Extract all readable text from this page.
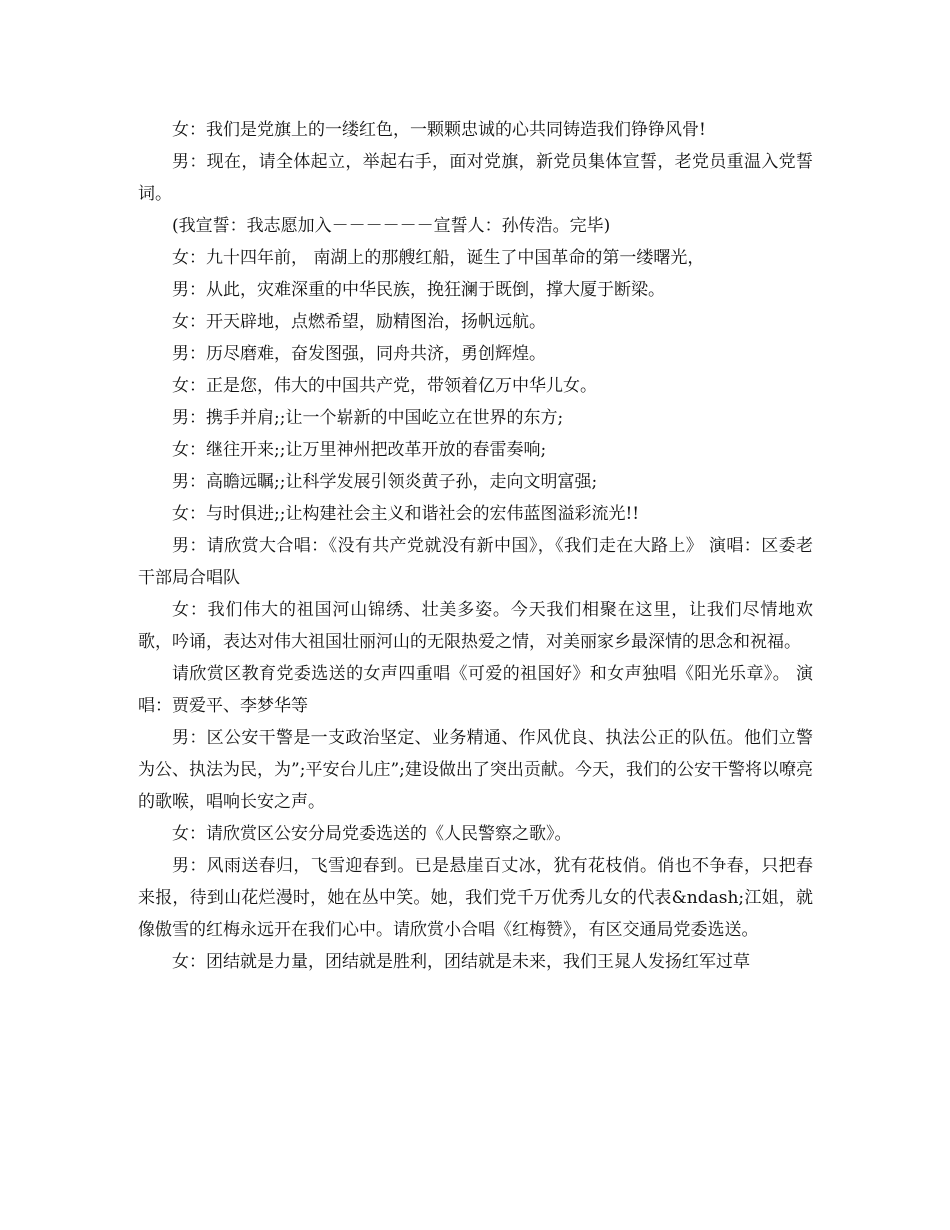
女：我们是党旗上的一缕红色，一颗颗忠诚的心共同铸造我们铮铮风骨!

男：现在，请全体起立，举起右手，面对党旗，新党员集体宣誓，老党员重温入党誓词。

(我宣誓：我志愿加入－－－－－－宣誓人：孙传浩。完毕)

女：九十四年前， 南湖上的那艘红船，诞生了中国革命的第一缕曙光，

男：从此，灾难深重的中华民族，挽狂澜于既倒，撑大厦于断梁。

女：开天辟地，点燃希望，励精图治，扬帆远航。

男：历尽磨难，奋发图强，同舟共济，勇创辉煌。

女：正是您，伟大的中国共产党，带领着亿万中华儿女。

男：携手并肩;;让一个崭新的中国屹立在世界的东方;

女：继往开来;;让万里神州把改革开放的春雷奏响;

男：高瞻远瞩;;让科学发展引领炎黄子孙，走向文明富强;

女：与时俱进;;让构建社会主义和谐社会的宏伟蓝图溢彩流光!!

男：请欣赏大合唱：《没有共产党就没有新中国》，《我们走在大路上》 演唱：区委老干部局合唱队

女：我们伟大的祖国河山锦绣、壮美多姿。今天我们相聚在这里，让我们尽情地欢歌，吟诵，表达对伟大祖国壮丽河山的无限热爱之情，对美丽家乡最深情的思念和祝福。

请欣赏区教育党委选送的女声四重唱《可爱的祖国好》和女声独唱《阳光乐章》。 演唱：贾爱平、李梦华等

男：区公安干警是一支政治坚定、业务精通、作风优良、执法公正的队伍。他们立警为公、执法为民，为”;平安台儿庄”;建设做出了突出贡献。今天，我们的公安干警将以嘹亮的歌喉，唱响长安之声。

女：请欣赏区公安分局党委选送的《人民警察之歌》。

男：风雨送春归，飞雪迎春到。已是悬崖百丈冰，犹有花枝俏。俏也不争春，只把春来报，待到山花烂漫时，她在丛中笑。她，我们党千万优秀儿女的代表&ndash;江姐，就像傲雪的红梅永远开在我们心中。请欣赏小合唱《红梅赞》，有区交通局党委选送。

女：团结就是力量，团结就是胜利，团结就是未来，我们王晁人发扬红军过草
